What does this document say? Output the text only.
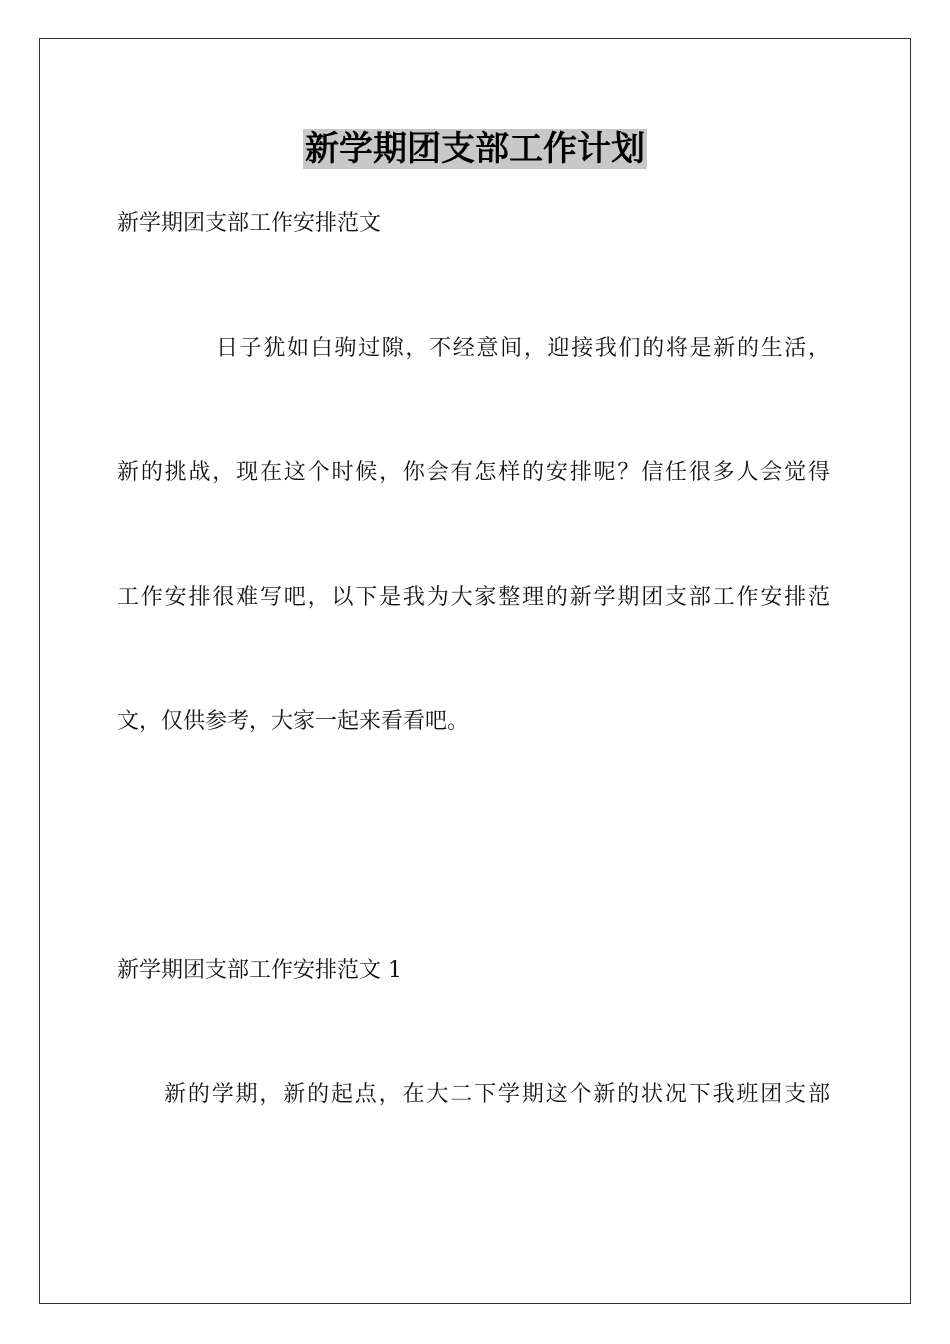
新学期团支部工作计划
新学期团支部工作安排范文
日子犹如白驹过隙，不经意间，迎接我们的将是新的生活，
新的挑战，现在这个时候，你会有怎样的安排呢？信任很多人会觉得
工作安排很难写吧，以下是我为大家整理的新学期团支部工作安排范
文，仅供参考，大家一起来看看吧。
新学期团支部工作安排范文 1
新的学期，新的起点，在大二下学期这个新的状况下我班团支部
